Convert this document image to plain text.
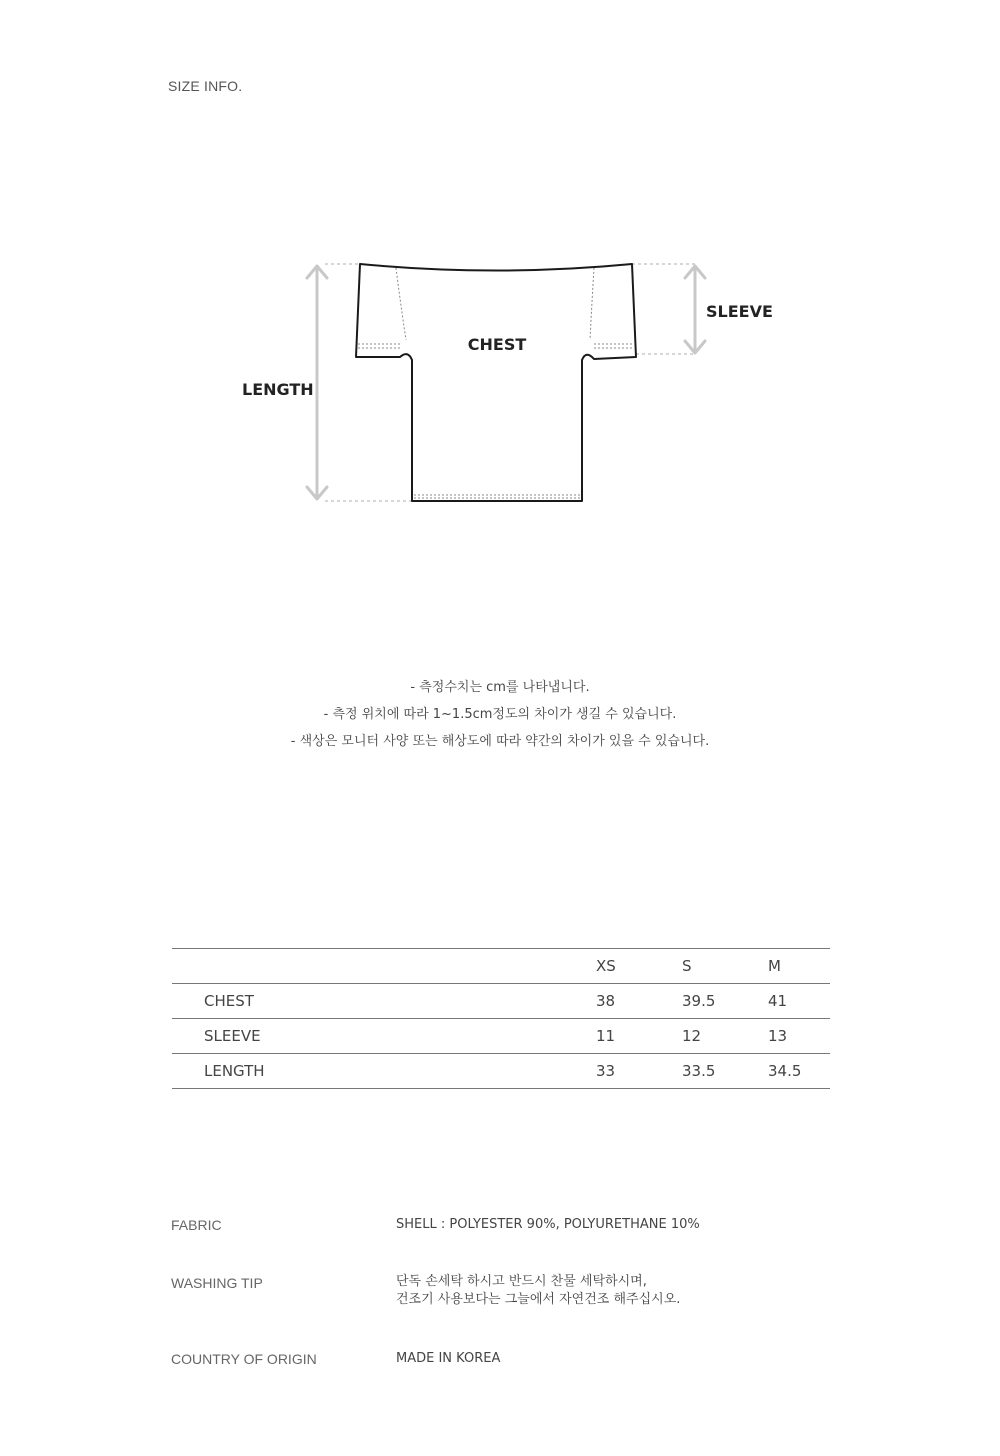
SIZE INFO.
LENGTH
CHEST
SLEEVE
- 측정수치는 cm를 나타냅니다.
- 측정 위치에 따라 1~1.5cm정도의 차이가 생길 수 있습니다.
- 색상은 모니터 사양 또는 해상도에 따라 약간의 차이가 있을 수 있습니다.
	XS	S	M
CHEST	38	39.5	41
SLEEVE	11	12	13
LENGTH	33	33.5	34.5
FABRIC	SHELL : POLYESTER 90%, POLYURETHANE 10%
WASHING TIP	단독 손세탁 하시고 반드시 찬물 세탁하시며,
건조기 사용보다는 그늘에서 자연건조 해주십시오.
COUNTRY OF ORIGIN	MADE IN KOREA
